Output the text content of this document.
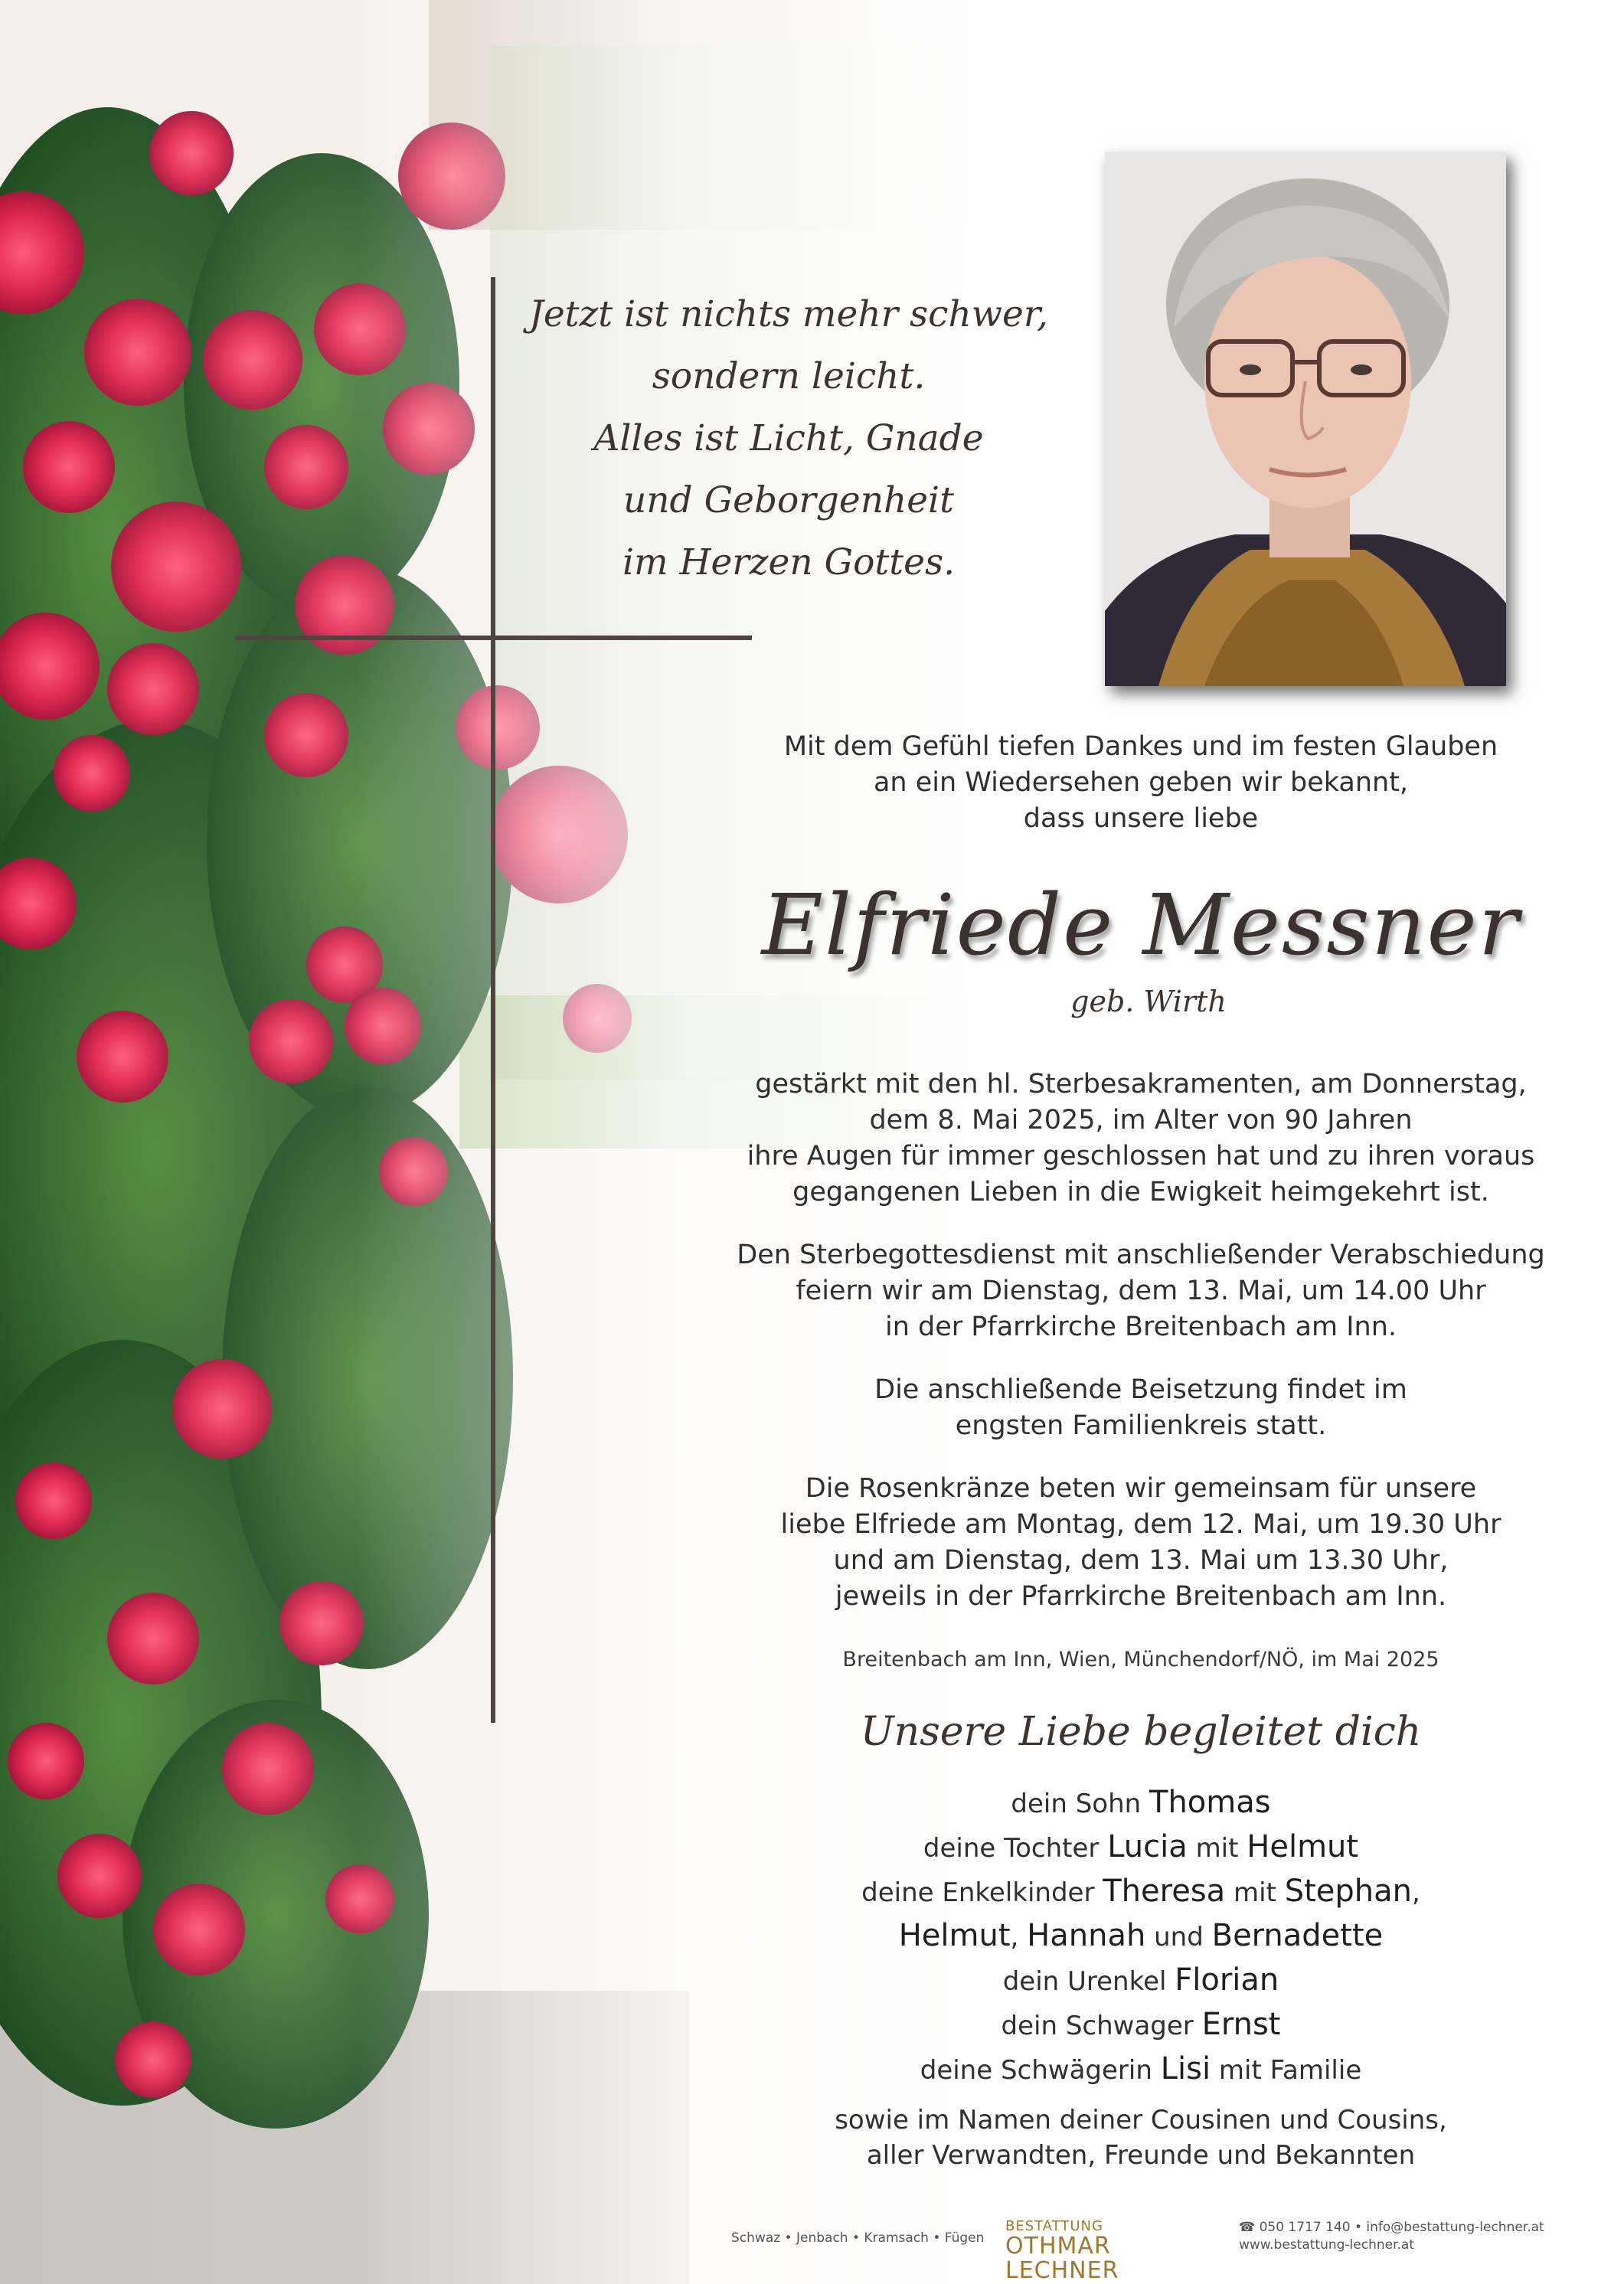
Jetzt ist nichts mehr schwer,
sondern leicht.
Alles ist Licht, Gnade
und Geborgenheit
im Herzen Gottes.
Mit dem Gefühl tiefen Dankes und im festen Glauben
an ein Wiedersehen geben wir bekannt,
dass unsere liebe
Elfriede Messner
geb. Wirth
gestärkt mit den hl. Sterbesakramenten, am Donnerstag,
dem 8. Mai 2025, im Alter von 90 Jahren
ihre Augen für immer geschlossen hat und zu ihren voraus
gegangenen Lieben in die Ewigkeit heimgekehrt ist.
Den Sterbegottesdienst mit anschließender Verabschiedung
feiern wir am Dienstag, dem 13. Mai, um 14.00 Uhr
in der Pfarrkirche Breitenbach am Inn.
Die anschließende Beisetzung findet im
engsten Familienkreis statt.
Die Rosenkränze beten wir gemeinsam für unsere
liebe Elfriede am Montag, dem 12. Mai, um 19.30 Uhr
und am Dienstag, dem 13. Mai um 13.30 Uhr,
jeweils in der Pfarrkirche Breitenbach am Inn.
Breitenbach am Inn, Wien, Münchendorf/NÖ, im Mai 2025
Unsere Liebe begleitet dich
dein Sohn Thomas
deine Tochter Lucia mit Helmut
deine Enkelkinder Theresa mit Stephan,
Helmut, Hannah und Bernadette
dein Urenkel Florian
dein Schwager Ernst
deine Schwägerin Lisi mit Familie
sowie im Namen deiner Cousinen und Cousins,
aller Verwandten, Freunde und Bekannten
Schwaz • Jenbach • Kramsach • Fügen
BESTATTUNG
OTHMAR LECHNER
☎ 050 1717 140 • info@bestattung-lechner.at
www.bestattung-lechner.at
